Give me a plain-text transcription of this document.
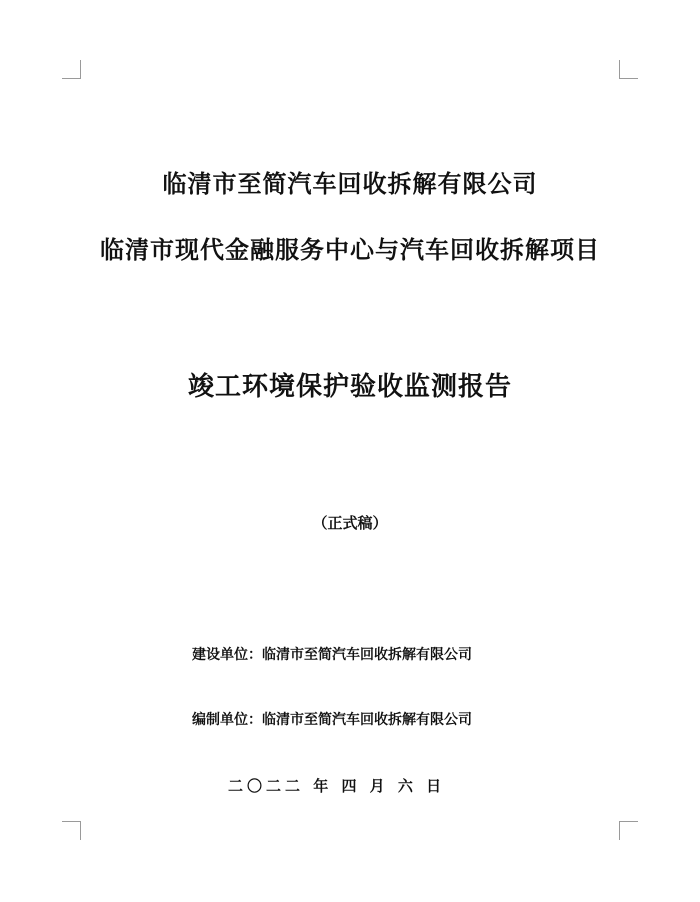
临清市至简汽车回收拆解有限公司
临清市现代金融服务中心与汽车回收拆解项目
竣工环境保护验收监测报告
（正式稿）
建设单位：临清市至简汽车回收拆解有限公司
编制单位：临清市至简汽车回收拆解有限公司
二〇二二 年 四 月 六 日
